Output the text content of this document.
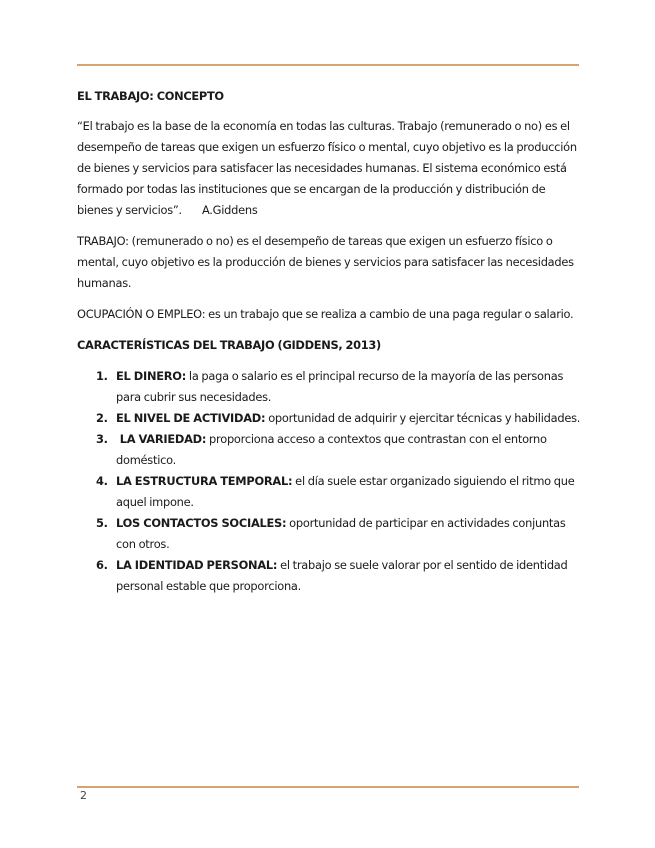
EL TRABAJO: CONCEPTO

“El trabajo es la base de la economía en todas las culturas. Trabajo (remunerado o no) es el desempeño de tareas que exigen un esfuerzo físico o mental, cuyo objetivo es la producción de bienes y servicios para satisfacer las necesidades humanas. El sistema económico está formado por todas las instituciones que se encargan de la producción y distribución de bienes y servicios”. A.Giddens

TRABAJO: (remunerado o no) es el desempeño de tareas que exigen un esfuerzo físico o mental, cuyo objetivo es la producción de bienes y servicios para satisfacer las necesidades humanas.

OCUPACIÓN O EMPLEO: es un trabajo que se realiza a cambio de una paga regular o salario.

CARACTERÍSTICAS DEL TRABAJO (GIDDENS, 2013)
1. EL DINERO: la paga o salario es el principal recurso de la mayoría de las personas para cubrir sus necesidades.
2. EL NIVEL DE ACTIVIDAD: oportunidad de adquirir y ejercitar técnicas y habilidades.
3. LA VARIEDAD: proporciona acceso a contextos que contrastan con el entorno doméstico.
4. LA ESTRUCTURA TEMPORAL: el día suele estar organizado siguiendo el ritmo que aquel impone.
5. LOS CONTACTOS SOCIALES: oportunidad de participar en actividades conjuntas con otros.
6. LA IDENTIDAD PERSONAL: el trabajo se suele valorar por el sentido de identidad personal estable que proporciona.
2
